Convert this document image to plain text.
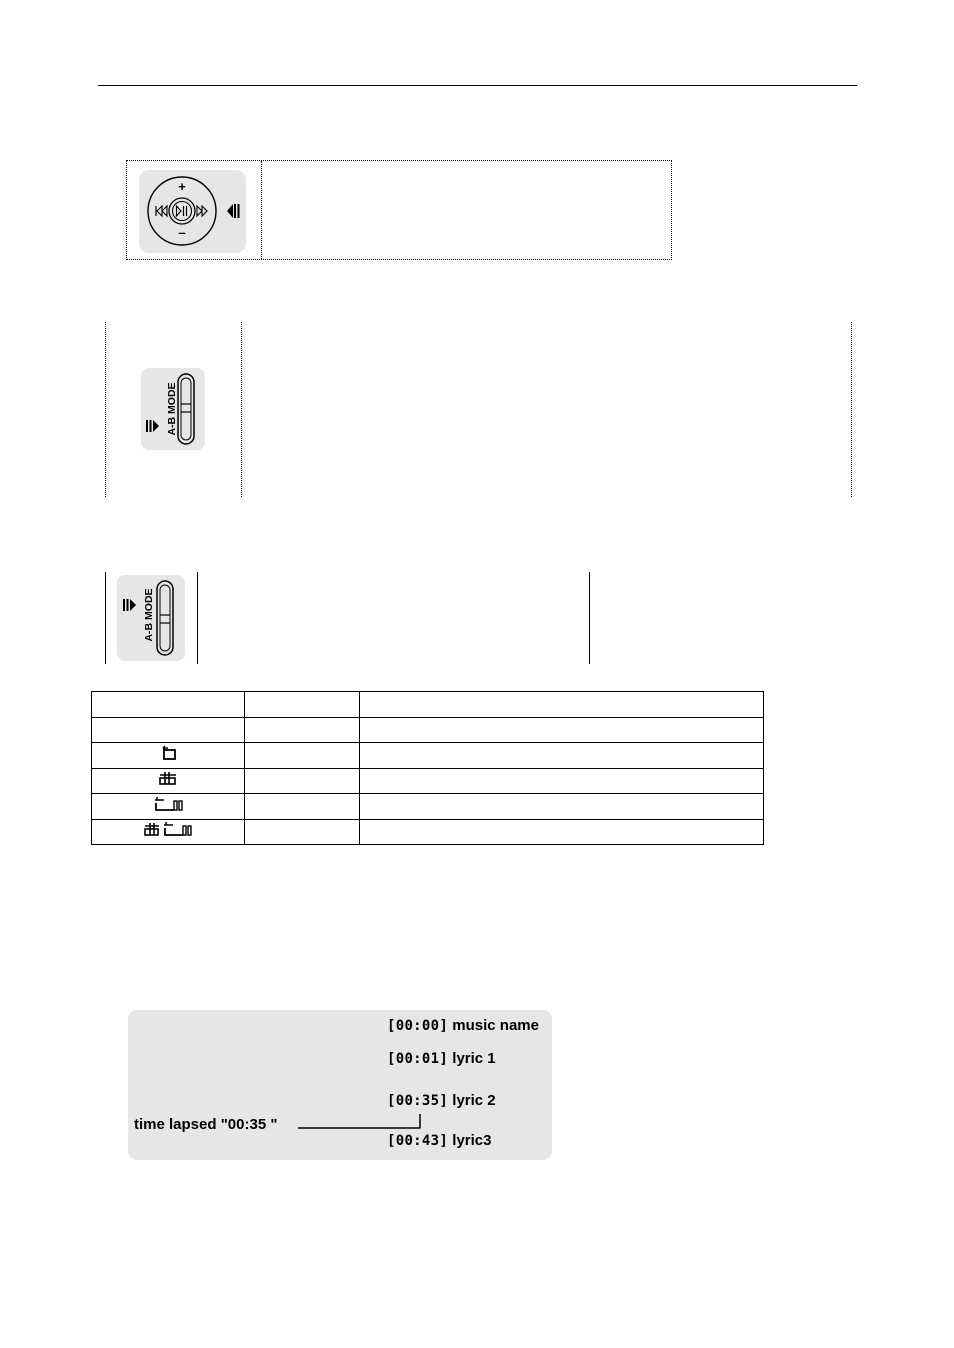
+
–
A-B MODE
A-B MODE

[00:00] music name
[00:01] lyric 1
[00:35] lyric 2
[00:43] lyric3
time lapsed "00:35 "
